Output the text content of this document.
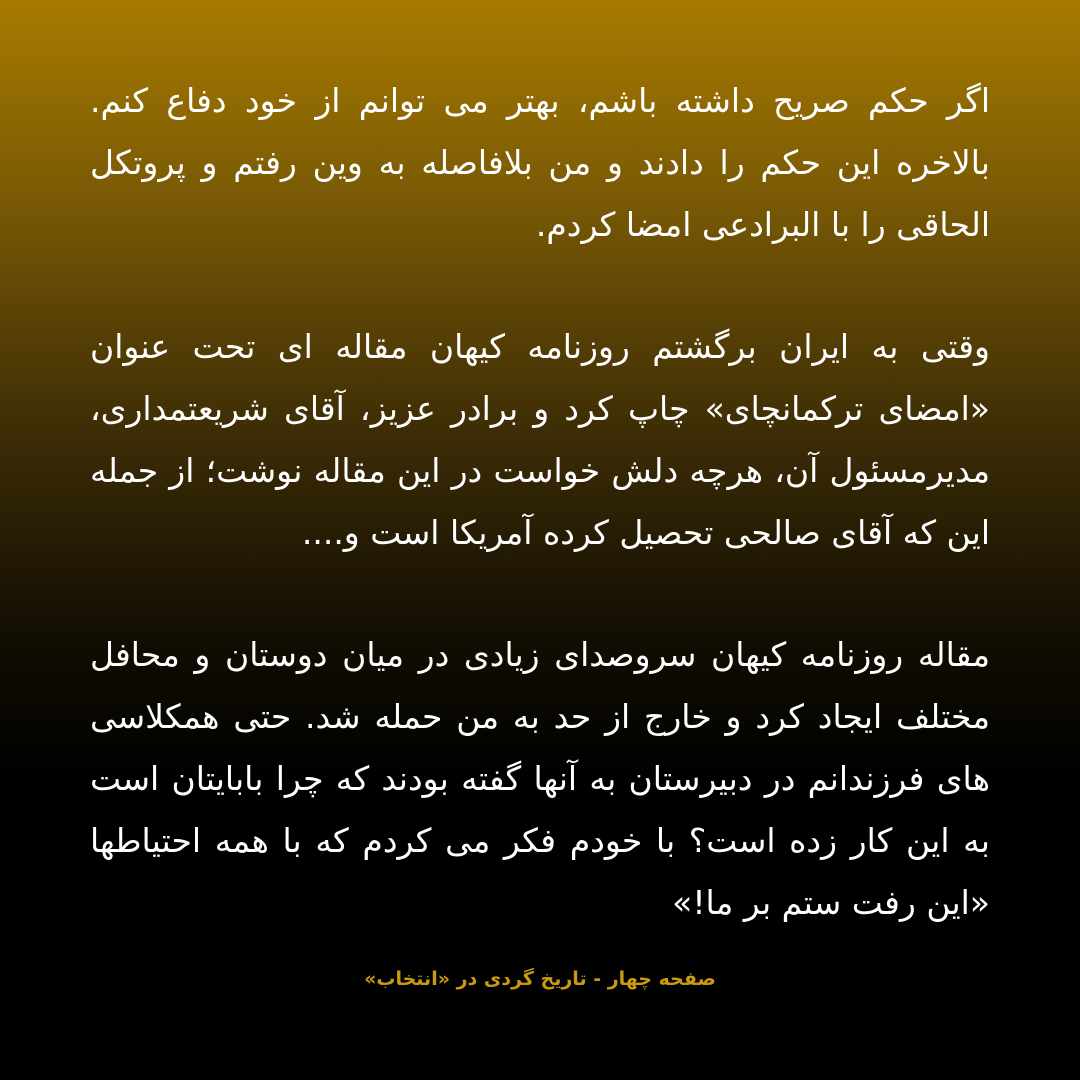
اگر حکم صریح داشته باشم، بهتر می توانم از خود دفاع کنم. بالاخره این حکم را دادند و من بلافاصله به وین رفتم و پروتکل الحاقی را با البرادعی امضا کردم.

وقتی به ایران برگشتم روزنامه کیهان مقاله ای تحت عنوان «امضای ترکمانچای» چاپ کرد و برادر عزیز، آقای شریعتمداری، مدیرمسئول آن، هرچه دلش خواست در این مقاله نوشت؛ از جمله این که آقای صالحی تحصیل کرده آمریکا است و....

مقاله روزنامه کیهان سروصدای زیادی در میان دوستان و محافل مختلف ایجاد کرد و خارج از حد به من حمله شد. حتی همکلاسی های فرزندانم در دبیرستان به آنها گفته بودند که چرا بابایتان است به این کار زده است؟ با خودم فکر می کردم که با همه احتیاطها «این رفت ستم بر ما!»

صفحه چهار - تاریخ گردی در «انتخاب»
